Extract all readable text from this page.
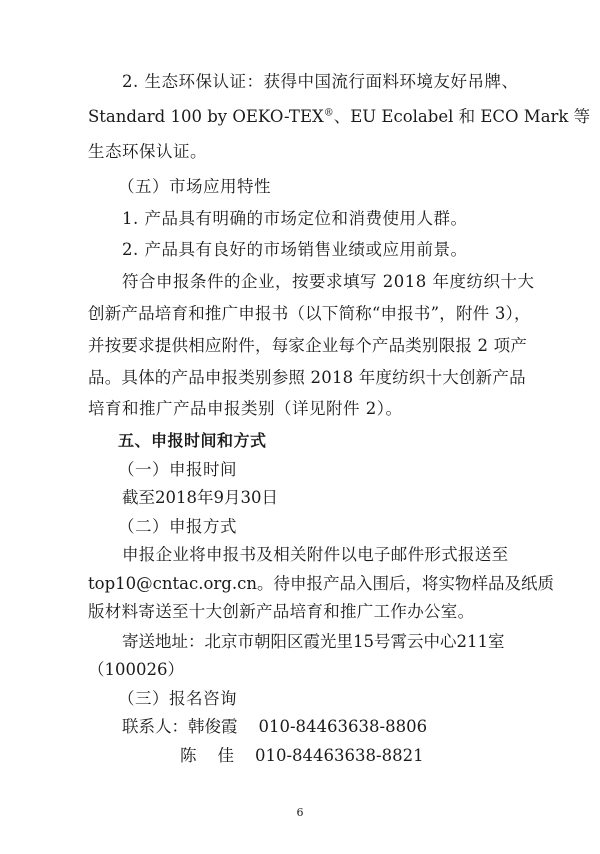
2. 生态环保认证：获得中国流行面料环境友好吊牌、
Standard 100 by OEKO-TEX®、EU Ecolabel 和 ECO Mark 等
生态环保认证。
（五）市场应用特性
1. 产品具有明确的市场定位和消费使用人群。
2. 产品具有良好的市场销售业绩或应用前景。
符合申报条件的企业，按要求填写 2018 年度纺织十大
创新产品培育和推广申报书（以下简称“申报书”，附件 3），
并按要求提供相应附件，每家企业每个产品类别限报 2 项产
品。具体的产品申报类别参照 2018 年度纺织十大创新产品
培育和推广产品申报类别（详见附件 2）。
五、申报时间和方式
（一）申报时间
截至2018年9月30日
（二）申报方式
申报企业将申报书及相关附件以电子邮件形式报送至
top10@cntac.org.cn。待申报产品入围后，将实物样品及纸质
版材料寄送至十大创新产品培育和推广工作办公室。
寄送地址：北京市朝阳区霞光里15号霄云中心211室
（100026）
（三）报名咨询
联系人：韩俊霞    010-84463638-8806
陈    佳    010-84463638-8821
6
